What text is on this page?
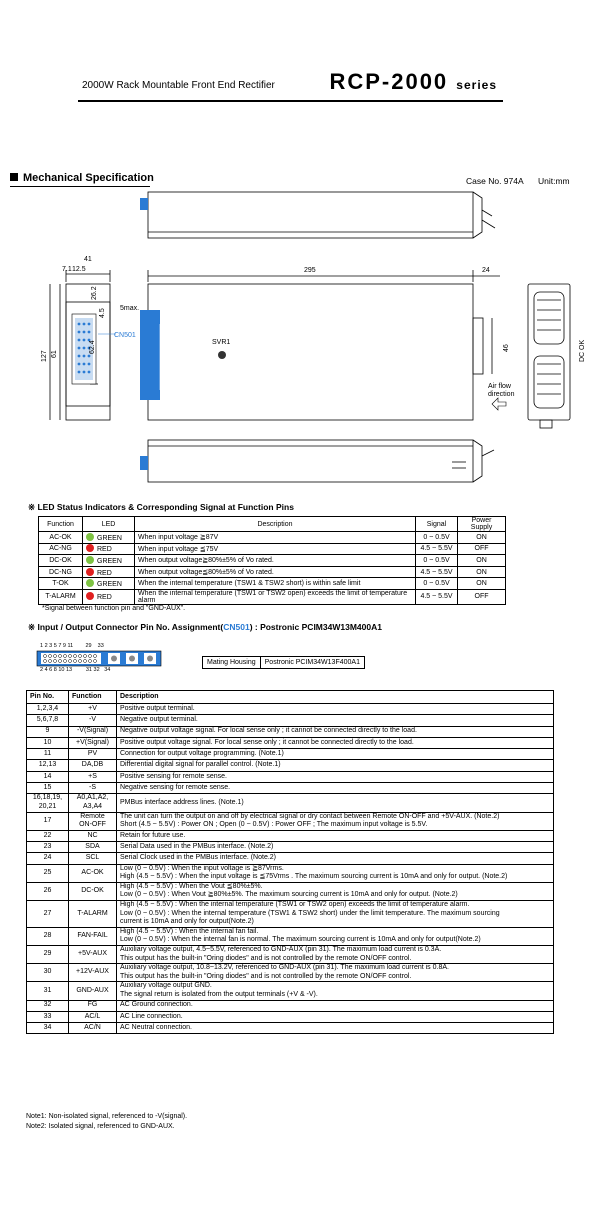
2000W Rack Mountable Front End Rectifier RCP-2000 series
Mechanical Specification	Case No. 974A Unit:mm
41
7.1 12.5
26.2
4.5
61
127
62.4
5max.
CN501
SVR1
295	24
46
Air flow direction
DC OK
※ LED Status Indicators & Corresponding Signal at Function Pins
Function	LED	Description	Signal	Power Supply
AC-OK	GREEN	When input voltage ≧87V	0 ~ 0.5V	ON
AC-NG	RED	When input voltage ≦75V	4.5 ~ 5.5V	OFF
DC-OK	GREEN	When output voltage≧80%±5% of Vo rated.	0 ~ 0.5V	ON
DC-NG	RED	When output voltage≦80%±5% of Vo rated.	4.5 ~ 5.5V	ON
T-OK	GREEN	When the internal temperature (TSW1 & TSW2 short) is within safe limit	0 ~ 0.5V	ON
T-ALARM	RED	When the internal temperature (TSW1 or TSW2 open) exceeds the limit of temperature alarm	4.5 ~ 5.5V	OFF
*Signal between function pin and "GND-AUX".
※ Input / Output Connector Pin No. Assignment(CN501) : Postronic PCIM34W13M400A1
1 2 3 5 7 9 11        29    33
2 4 6 8 10 13         31 32   34
Mating Housing	Postronic PCIM34W13F400A1
Pin No.	Function	Description
1,2,3,4	+V	Positive output terminal.
5,6,7,8	-V	Negative output terminal.
9	-V(Signal)	Negative output voltage signal. For local sense only ; it cannot be connected directly to the load.
10	+V(Signal)	Positive output voltage signal. For local sense only ; it cannot be connected directly to the load.
11	PV	Connection for output voltage programming. (Note.1)
12,13	DA,DB	Differential digital signal for parallel control. (Note.1)
14	+S	Positive sensing for remote sense.
15	-S	Negative sensing for remote sense.
16,18,19,
20,21	A0,A1,A2,
A3,A4	PMBus interface address lines. (Note.1)
17	Remote
ON-OFF	The unit can turn the output on and off by electrical signal or dry contact between Remote ON-OFF and +5V-AUX. (Note.2)
Short (4.5 ~ 5.5V) : Power ON ; Open (0 ~ 0.5V) : Power OFF ; The maximum input voltage is 5.5V.
22	NC	Retain for future use.
23	SDA	Serial Data used in the PMBus interface. (Note.2)
24	SCL	Serial Clock used in the PMBus interface. (Note.2)
25	AC-OK	Low (0 ~ 0.5V) : When the input voltage is ≧87Vrms.
High (4.5 ~ 5.5V) : When the input voltage is ≦75Vrms . The maximum sourcing current is 10mA and only for output. (Note.2)
26	DC-OK	High (4.5 ~ 5.5V) : When the Vout ≦80%±5%.
Low (0 ~ 0.5V) : When Vout ≧80%±5%. The maximum sourcing current is 10mA and only for output. (Note.2)
27	T-ALARM	High (4.5 ~ 5.5V) : When the internal temperature (TSW1 or TSW2 open) exceeds the limit of temperature alarm.
Low (0 ~ 0.5V) : When the internal temperature (TSW1 & TSW2 short) under the limit temperature. The maximum sourcing
current is 10mA and only for output(Note.2)
28	FAN-FAIL	High (4.5 ~ 5.5V) : When the internal fan fail.
Low (0 ~ 0.5V) : When the internal fan is normal. The maximum sourcing current is 10mA and only for output(Note.2)
29	+5V-AUX	Auxiliary voltage output, 4.5~5.5V, referenced to GND-AUX (pin 31). The maximum load current is 0.3A.
This output has the built-in "Oring diodes" and is not controlled by the remote ON/OFF control.
30	+12V-AUX	Auxiliary voltage output, 10.8~13.2V, referenced to GND-AUX (pin 31). The maximum load current is 0.8A.
This output has the built-in "Oring diodes" and is not controlled by the remote ON/OFF control.
31	GND-AUX	Auxiliary voltage output GND.
The signal return is isolated from the output terminals (+V & -V).
32	FG	AC Ground connection.
33	AC/L	AC Line connection.
34	AC/N	AC Neutral connection.
Note1: Non-isolated signal, referenced to -V(signal).
Note2: Isolated signal, referenced to GND-AUX.
